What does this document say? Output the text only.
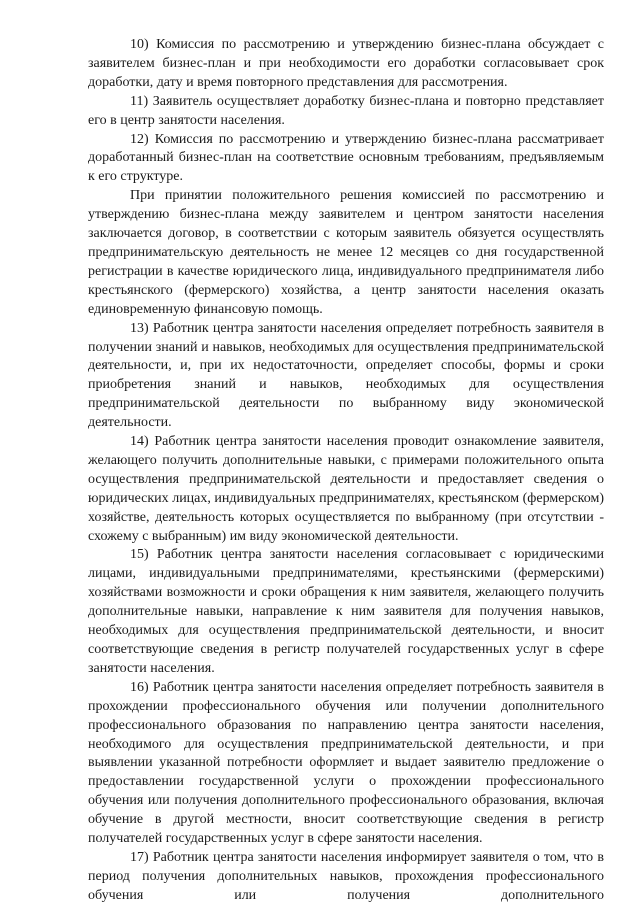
10) Комиссия по рассмотрению и утверждению бизнес-плана обсуждает с заявителем бизнес-план и при необходимости его доработки согласовывает срок доработки, дату и время повторного представления для рассмотрения.

11) Заявитель осуществляет доработку бизнес-плана и повторно представляет его в центр занятости населения.

12) Комиссия по рассмотрению и утверждению бизнес-плана рассматривает доработанный бизнес-план на соответствие основным требованиям, предъявляемым к его структуре.

При принятии положительного решения комиссией по рассмотрению и утверждению бизнес-плана между заявителем и центром занятости населения заключается договор, в соответствии с которым заявитель обязуется осуществлять предпринимательскую деятельность не менее 12 месяцев со дня государственной регистрации в качестве юридического лица, индивидуального предпринимателя либо крестьянского (фермерского) хозяйства, а центр занятости населения оказать единовременную финансовую помощь.

13) Работник центра занятости населения определяет потребность заявителя в получении знаний и навыков, необходимых для осуществления предпринимательской деятельности, и, при их недостаточности, определяет способы, формы и сроки приобретения знаний и навыков, необходимых для осуществления предпринимательской деятельности по выбранному виду экономической деятельности.

14) Работник центра занятости населения проводит ознакомление заявителя, желающего получить дополнительные навыки, с примерами положительного опыта осуществления предпринимательской деятельности и предоставляет сведения о юридических лицах, индивидуальных предпринимателях, крестьянском (фермерском) хозяйстве, деятельность которых осуществляется по выбранному (при отсутствии - схожему с выбранным) им виду экономической деятельности.

15) Работник центра занятости населения согласовывает с юридическими лицами, индивидуальными предпринимателями, крестьянскими (фермерскими) хозяйствами возможности и сроки обращения к ним заявителя, желающего получить дополнительные навыки, направление к ним заявителя для получения навыков, необходимых для осуществления предпринимательской деятельности, и вносит соответствующие сведения в регистр получателей государственных услуг в сфере занятости населения.

16) Работник центра занятости населения определяет потребность заявителя в прохождении профессионального обучения или получении дополнительного профессионального образования по направлению центра занятости населения, необходимого для осуществления предпринимательской деятельности, и при выявлении указанной потребности оформляет и выдает заявителю предложение о предоставлении государственной услуги о прохождении профессионального обучения или получения дополнительного профессионального образования, включая обучение в другой местности, вносит соответствующие сведения в регистр получателей государственных услуг в сфере занятости населения.

17) Работник центра занятости населения информирует заявителя о том, что в период получения дополнительных навыков, прохождения профессионального обучения или получения дополнительного
